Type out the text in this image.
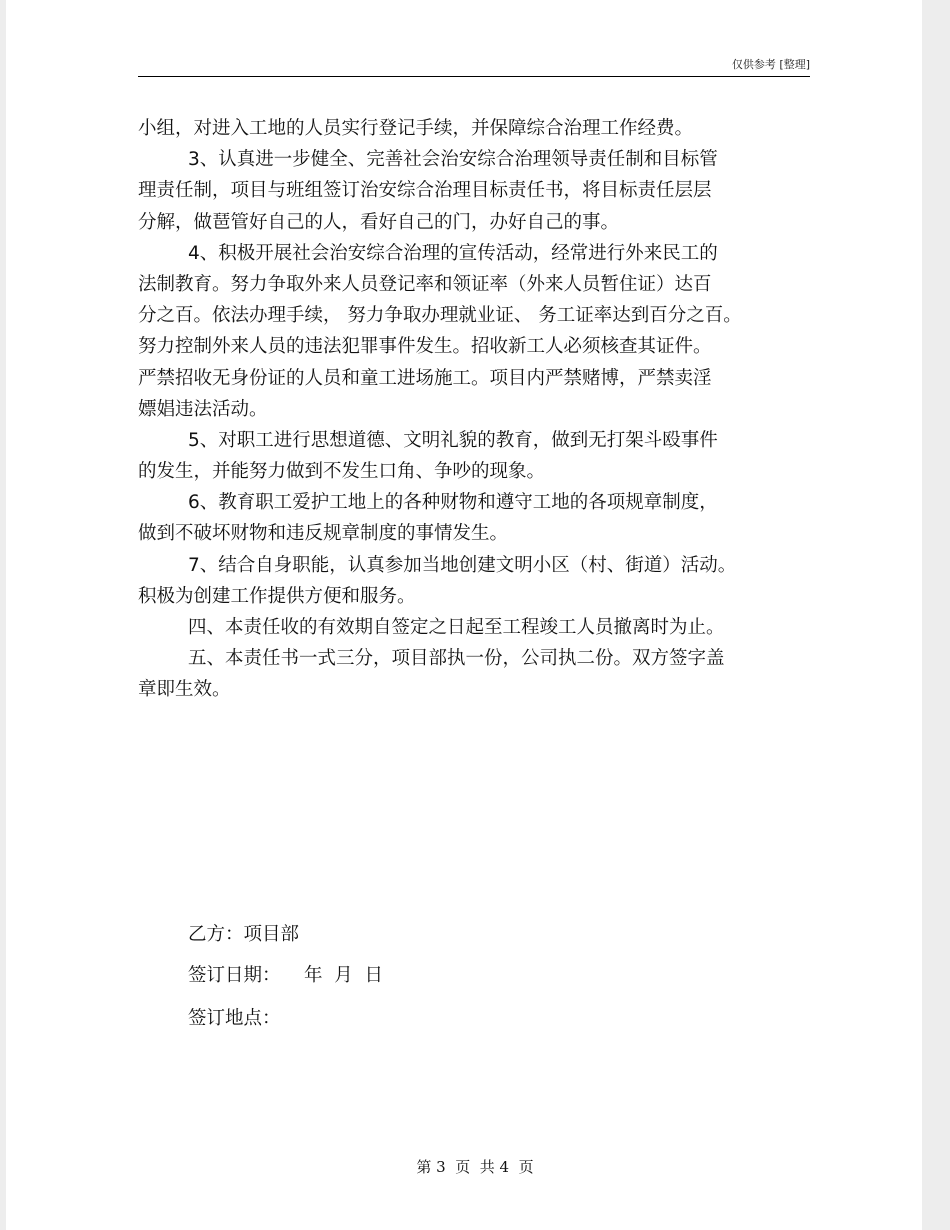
仅供参考 [整理]
小组，对进入工地的人员实行登记手续，并保障综合治理工作经费。
3、认真进一步健全、完善社会治安综合治理领导责任制和目标管
理责任制，项目与班组签订治安综合治理目标责任书，将目标责任层层
分解，做琶管好自己的人，看好自己的门，办好自己的事。
4、积极开展社会治安综合治理的宣传活动，经常进行外来民工的
法制教育。努力争取外来人员登记率和领证率（外来人员暂住证）达百
分之百。依法办理手续， 努力争取办理就业证、 务工证率达到百分之百。
努力控制外来人员的违法犯罪事件发生。招收新工人必须核查其证件。
严禁招收无身份证的人员和童工进场施工。项目内严禁赌博，严禁卖淫
嫖娼违法活动。
5、对职工进行思想道德、文明礼貌的教育，做到无打架斗殴事件
的发生，并能努力做到不发生口角、争吵的现象。
6、教育职工爱护工地上的各种财物和遵守工地的各项规章制度，
做到不破坏财物和违反规章制度的事情发生。
7、结合自身职能，认真参加当地创建文明小区（村、街道）活动。
积极为创建工作提供方便和服务。
四、本责任收的有效期自签定之日起至工程竣工人员撤离时为止。
五、本责任书一式三分，项目部执一份，公司执二份。双方签字盖
章即生效。
乙方：项目部
签订日期：    年  月  日
签订地点：
第 3  页  共 4  页
